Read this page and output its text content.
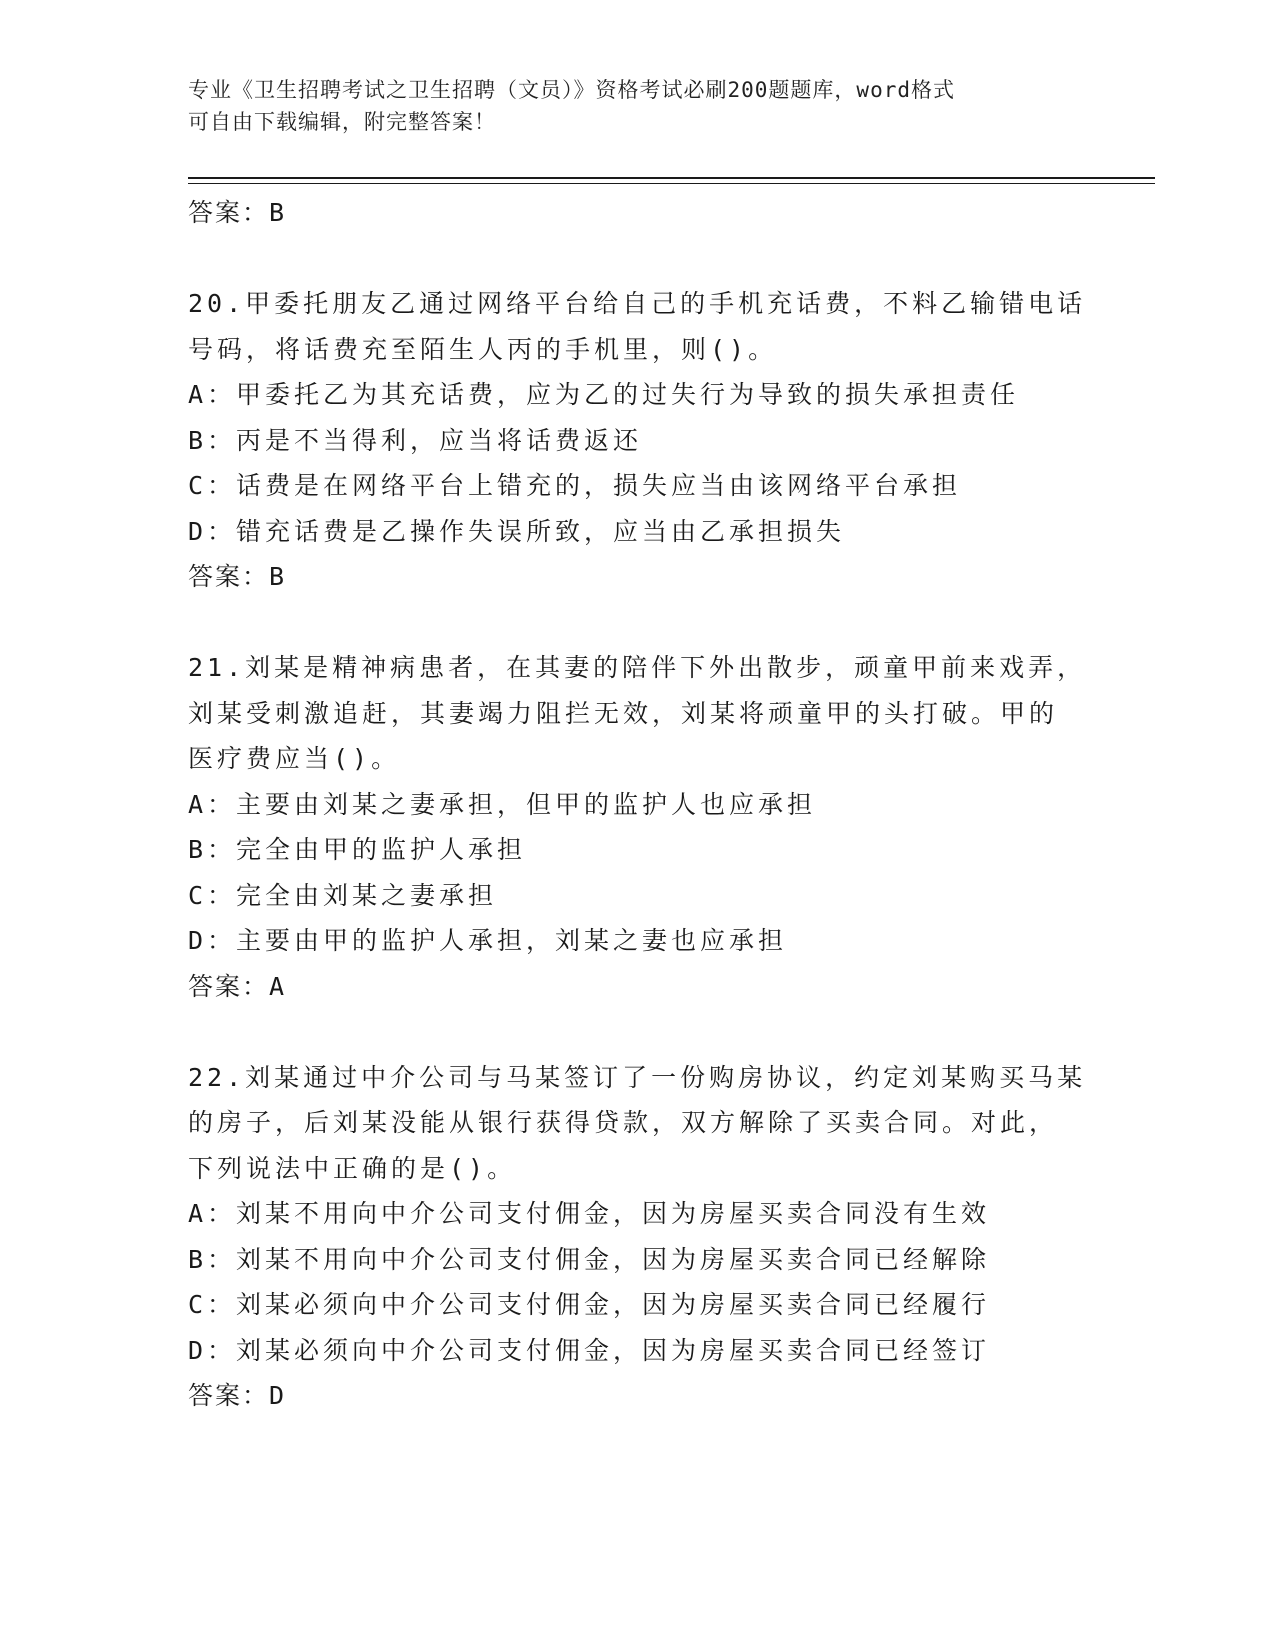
专业《卫生招聘考试之卫生招聘（文员）》资格考试必刷200题题库，word格式
可自由下载编辑，附完整答案！
答案：B
20.甲委托朋友乙通过网络平台给自己的手机充话费，不料乙输错电话
号码，将话费充至陌生人丙的手机里，则()。
A：甲委托乙为其充话费，应为乙的过失行为导致的损失承担责任
B：丙是不当得利，应当将话费返还
C：话费是在网络平台上错充的，损失应当由该网络平台承担
D：错充话费是乙操作失误所致，应当由乙承担损失
答案：B
21.刘某是精神病患者，在其妻的陪伴下外出散步，顽童甲前来戏弄，
刘某受刺激追赶，其妻竭力阻拦无效，刘某将顽童甲的头打破。甲的
医疗费应当()。
A：主要由刘某之妻承担，但甲的监护人也应承担
B：完全由甲的监护人承担
C：完全由刘某之妻承担
D：主要由甲的监护人承担，刘某之妻也应承担
答案：A
22.刘某通过中介公司与马某签订了一份购房协议，约定刘某购买马某
的房子，后刘某没能从银行获得贷款，双方解除了买卖合同。对此，
下列说法中正确的是()。
A：刘某不用向中介公司支付佣金，因为房屋买卖合同没有生效
B：刘某不用向中介公司支付佣金，因为房屋买卖合同已经解除
C：刘某必须向中介公司支付佣金，因为房屋买卖合同已经履行
D：刘某必须向中介公司支付佣金，因为房屋买卖合同已经签订
答案：D
